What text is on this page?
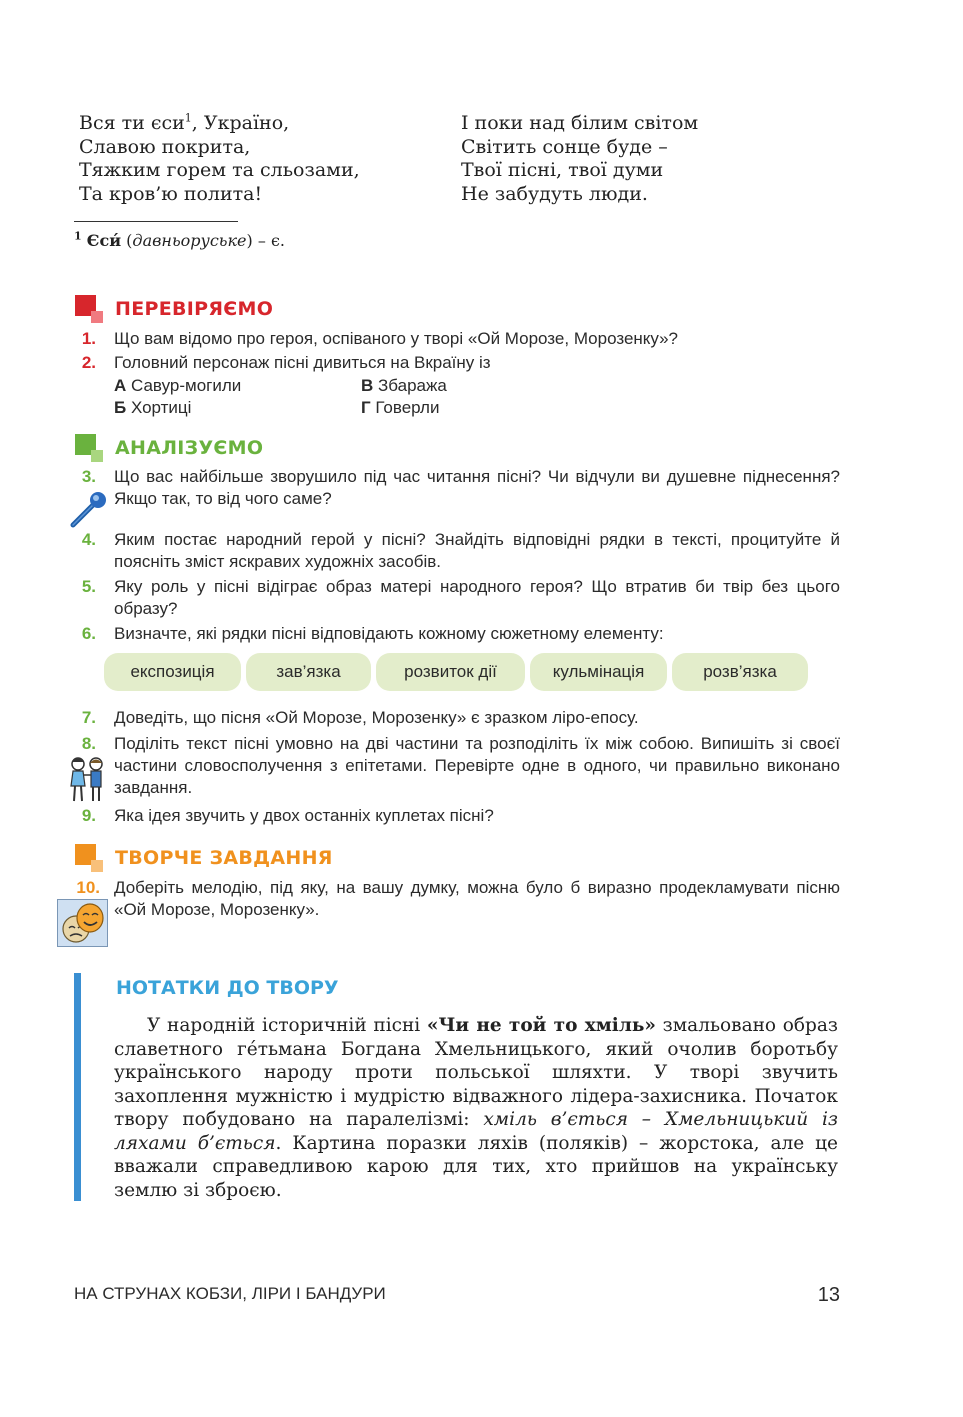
Вся ти єси$^1$, Україно,
Славою покрита,
Тяжким горем та сльозами,
Та кров’ю полита!
І поки над білим світом
Світить сонце буде –
Твої пісні, твої думи
Не забудуть люди.
$^1$ Єси́ (давньоруське) – є.
ПЕРЕВІРЯЄМО
1. Що вам відомо про героя, оспіваного у творі «Ой Морозе, Морозенку»?
2. Головний персонаж пісні дивиться на Вкраїну із
А Савур-могили
Б Хортиці
В Збаража
Г Говерли
АНАЛІЗУЄМО
3. Що вас найбільше зворушило під час читання пісні? Чи відчули ви душевне піднесення? Якщо так, то від чого саме?
4. Яким постає народний герой у пісні? Знайдіть відповідні рядки в тексті, процитуйте й поясніть зміст яскравих художніх засобів.
5. Яку роль у пісні відіграє образ матері народного героя? Що втратив би твір без цього образу?
6. Визначте, які рядки пісні відповідають кожному сюжетному елементу:
експозиція	зав’язка	розвиток дії	кульмінація	розв’язка
7. Доведіть, що пісня «Ой Морозе, Морозенку» є зразком ліро-епосу.
8. Поділіть текст пісні умовно на дві частини та розподіліть їх між собою. Випишіть зі своєї частини словосполучення з епітетами. Перевірте одне в одного, чи правильно виконано завдання.
9. Яка ідея звучить у двох останніх куплетах пісні?
ТВОРЧЕ ЗАВДАННЯ
10. Доберіть мелодію, під яку, на вашу думку, можна було б виразно продекламувати пісню «Ой Морозе, Морозенку».
НОТАТКИ ДО ТВОРУ
У народній історичній пісні «Чи не той то хміль» змальовано образ славетного ге́тьмана Богдана Хмельницького, який очолив боротьбу українського народу проти польської шляхти. У творі звучить захоплення мужністю і мудрістю відважного лідера-захисника. Початок твору побудовано на паралелізмі: хміль в’ється – Хмельницький із ляхами б’ється. Картина поразки ляхів (поляків) – жорстока, але це вважали справедливою карою для тих, хто прийшов на українську землю зі зброєю.
НА СТРУНАХ КОБЗИ, ЛІРИ І БАНДУРИ	13
